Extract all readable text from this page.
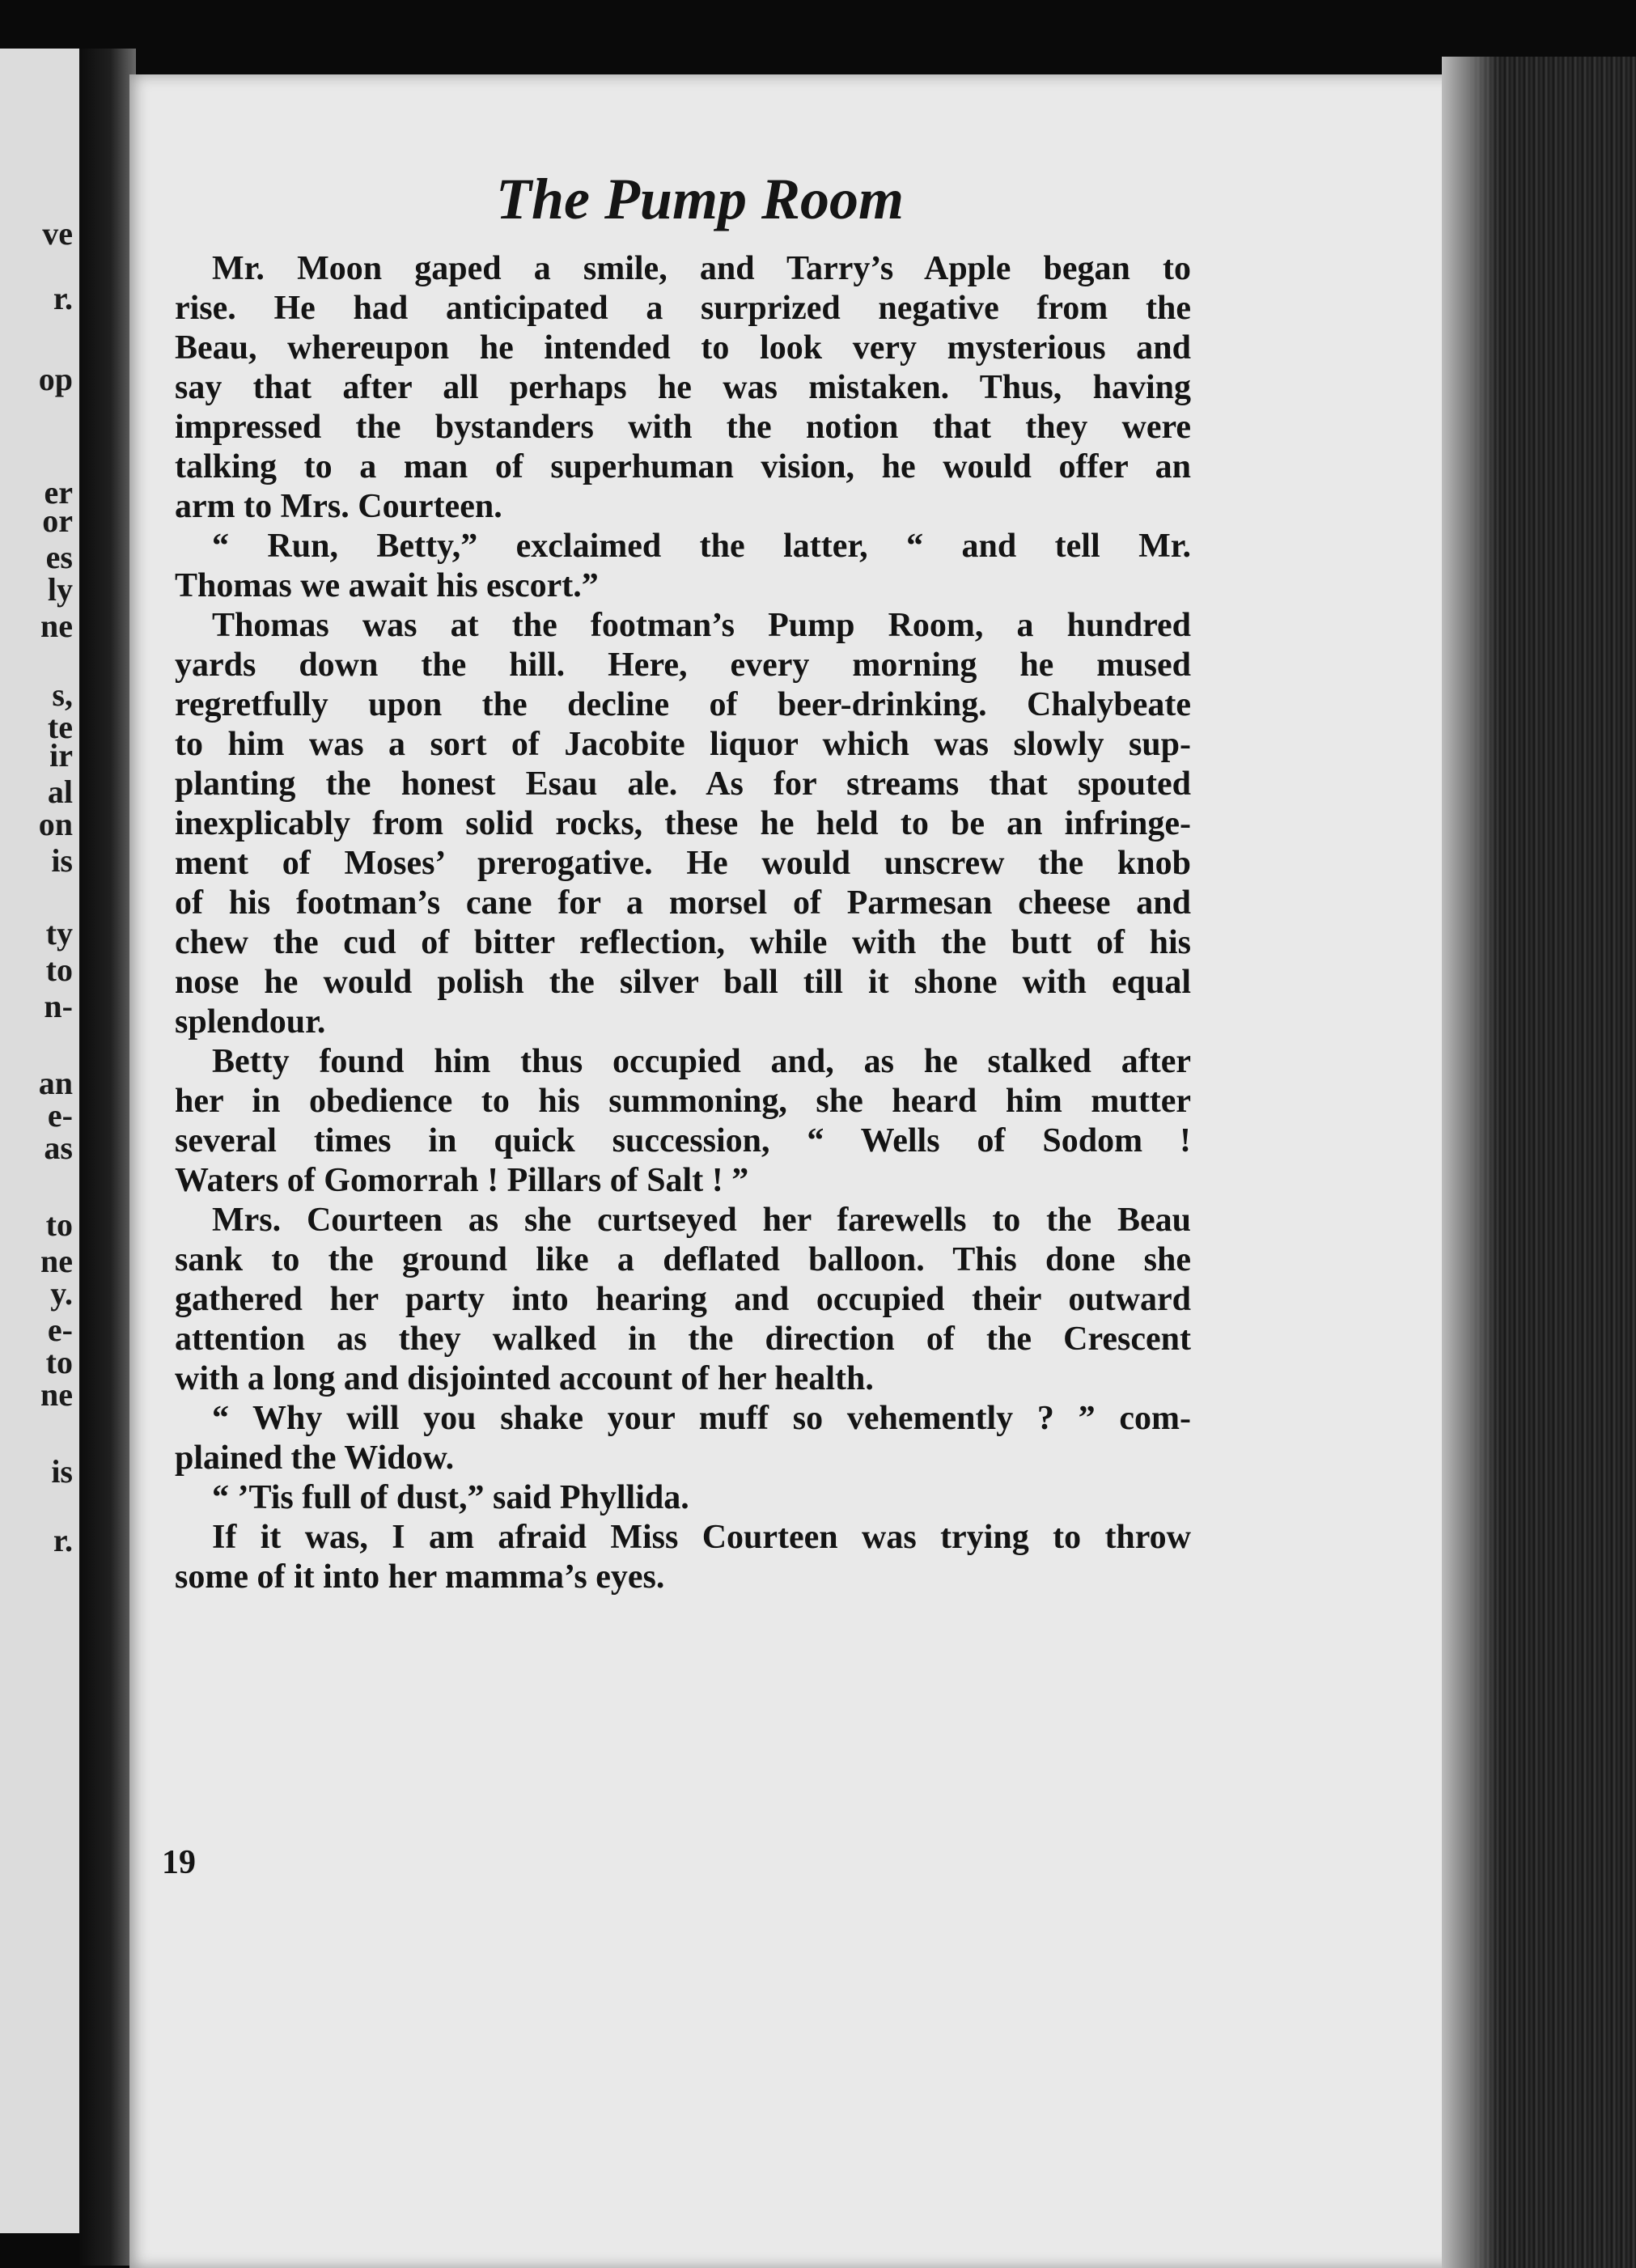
ve
r.
op
er
or
es
ly
ne
s,
te
ir
al
on
is
ty
to
n-
an
e-
as
to
ne
y.
e-
to
ne
is
r.
The Pump Room
Mr. Moon gaped a smile, and Tarry’s Apple began to
rise. He had anticipated a surprized negative from the
Beau, whereupon he intended to look very mysterious and
say that after all perhaps he was mistaken. Thus, having
impressed the bystanders with the notion that they were
talking to a man of superhuman vision, he would offer an
arm to Mrs. Courteen.
“ Run, Betty,” exclaimed the latter, “ and tell Mr.
Thomas we await his escort.”
Thomas was at the footman’s Pump Room, a hundred
yards down the hill. Here, every morning he mused
regretfully upon the decline of beer-drinking. Chalybeate
to him was a sort of Jacobite liquor which was slowly sup-
planting the honest Esau ale. As for streams that spouted
inexplicably from solid rocks, these he held to be an infringe-
ment of Moses’ prerogative. He would unscrew the knob
of his footman’s cane for a morsel of Parmesan cheese and
chew the cud of bitter reflection, while with the butt of his
nose he would polish the silver ball till it shone with equal
splendour.
Betty found him thus occupied and, as he stalked after
her in obedience to his summoning, she heard him mutter
several times in quick succession, “ Wells of Sodom !
Waters of Gomorrah ! Pillars of Salt ! ”
Mrs. Courteen as she curtseyed her farewells to the Beau
sank to the ground like a deflated balloon. This done she
gathered her party into hearing and occupied their outward
attention as they walked in the direction of the Crescent
with a long and disjointed account of her health.
“ Why will you shake your muff so vehemently ? ” com-
plained the Widow.
“ ’Tis full of dust,” said Phyllida.
If it was, I am afraid Miss Courteen was trying to throw
some of it into her mamma’s eyes.
19
